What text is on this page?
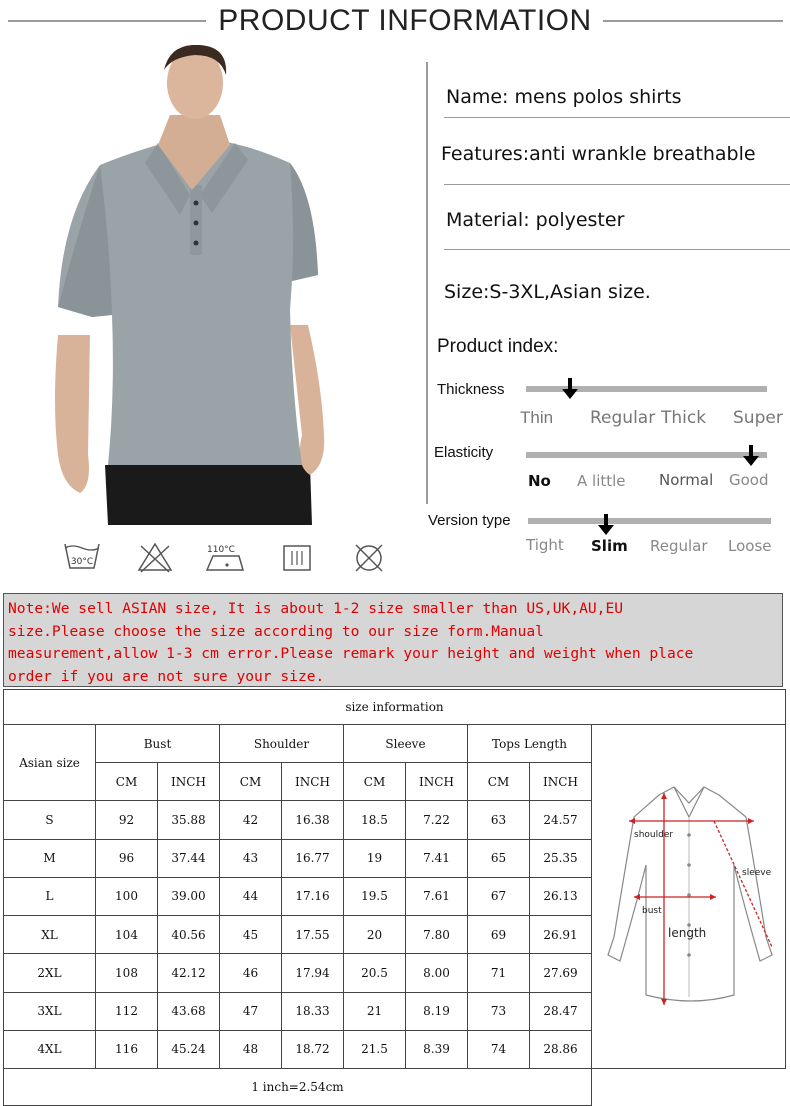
PRODUCT INFORMATION
30°C
110°C
Name: mens polos shirts
Features:anti wrankle breathable
Material: polyester
Size:S-3XL,Asian size.
Product index:
Thickness
Thin Regular Thick Super
Elasticity
No A little Normal Good
Version type
Tight Slim Regular Loose
Note:We sell ASIAN size, It is about 1-2 size smaller than US,UK,AU,EU
size.Please choose the size according to our size form.Manual
measurement,allow 1-3 cm error.Please remark your height and weight when place
order if you are not sure your size.
size information									
Asian size	Bust		Shoulder		Sleeve		Tops Length		shoulder
sleeve
bust
length

	CM	INCH	CM	INCH	CM	INCH	CM	INCH	
S	92	35.88	42	16.38	18.5	7.22	63	24.57	
M	96	37.44	43	16.77	19	7.41	65	25.35	
L	100	39.00	44	17.16	19.5	7.61	67	26.13	
XL	104	40.56	45	17.55	20	7.80	69	26.91	
2XL	108	42.12	46	17.94	20.5	8.00	71	27.69	
3XL	112	43.68	47	18.33	21	8.19	73	28.47	
4XL	116	45.24	48	18.72	21.5	8.39	74	28.86	
1 inch=2.54cm									
